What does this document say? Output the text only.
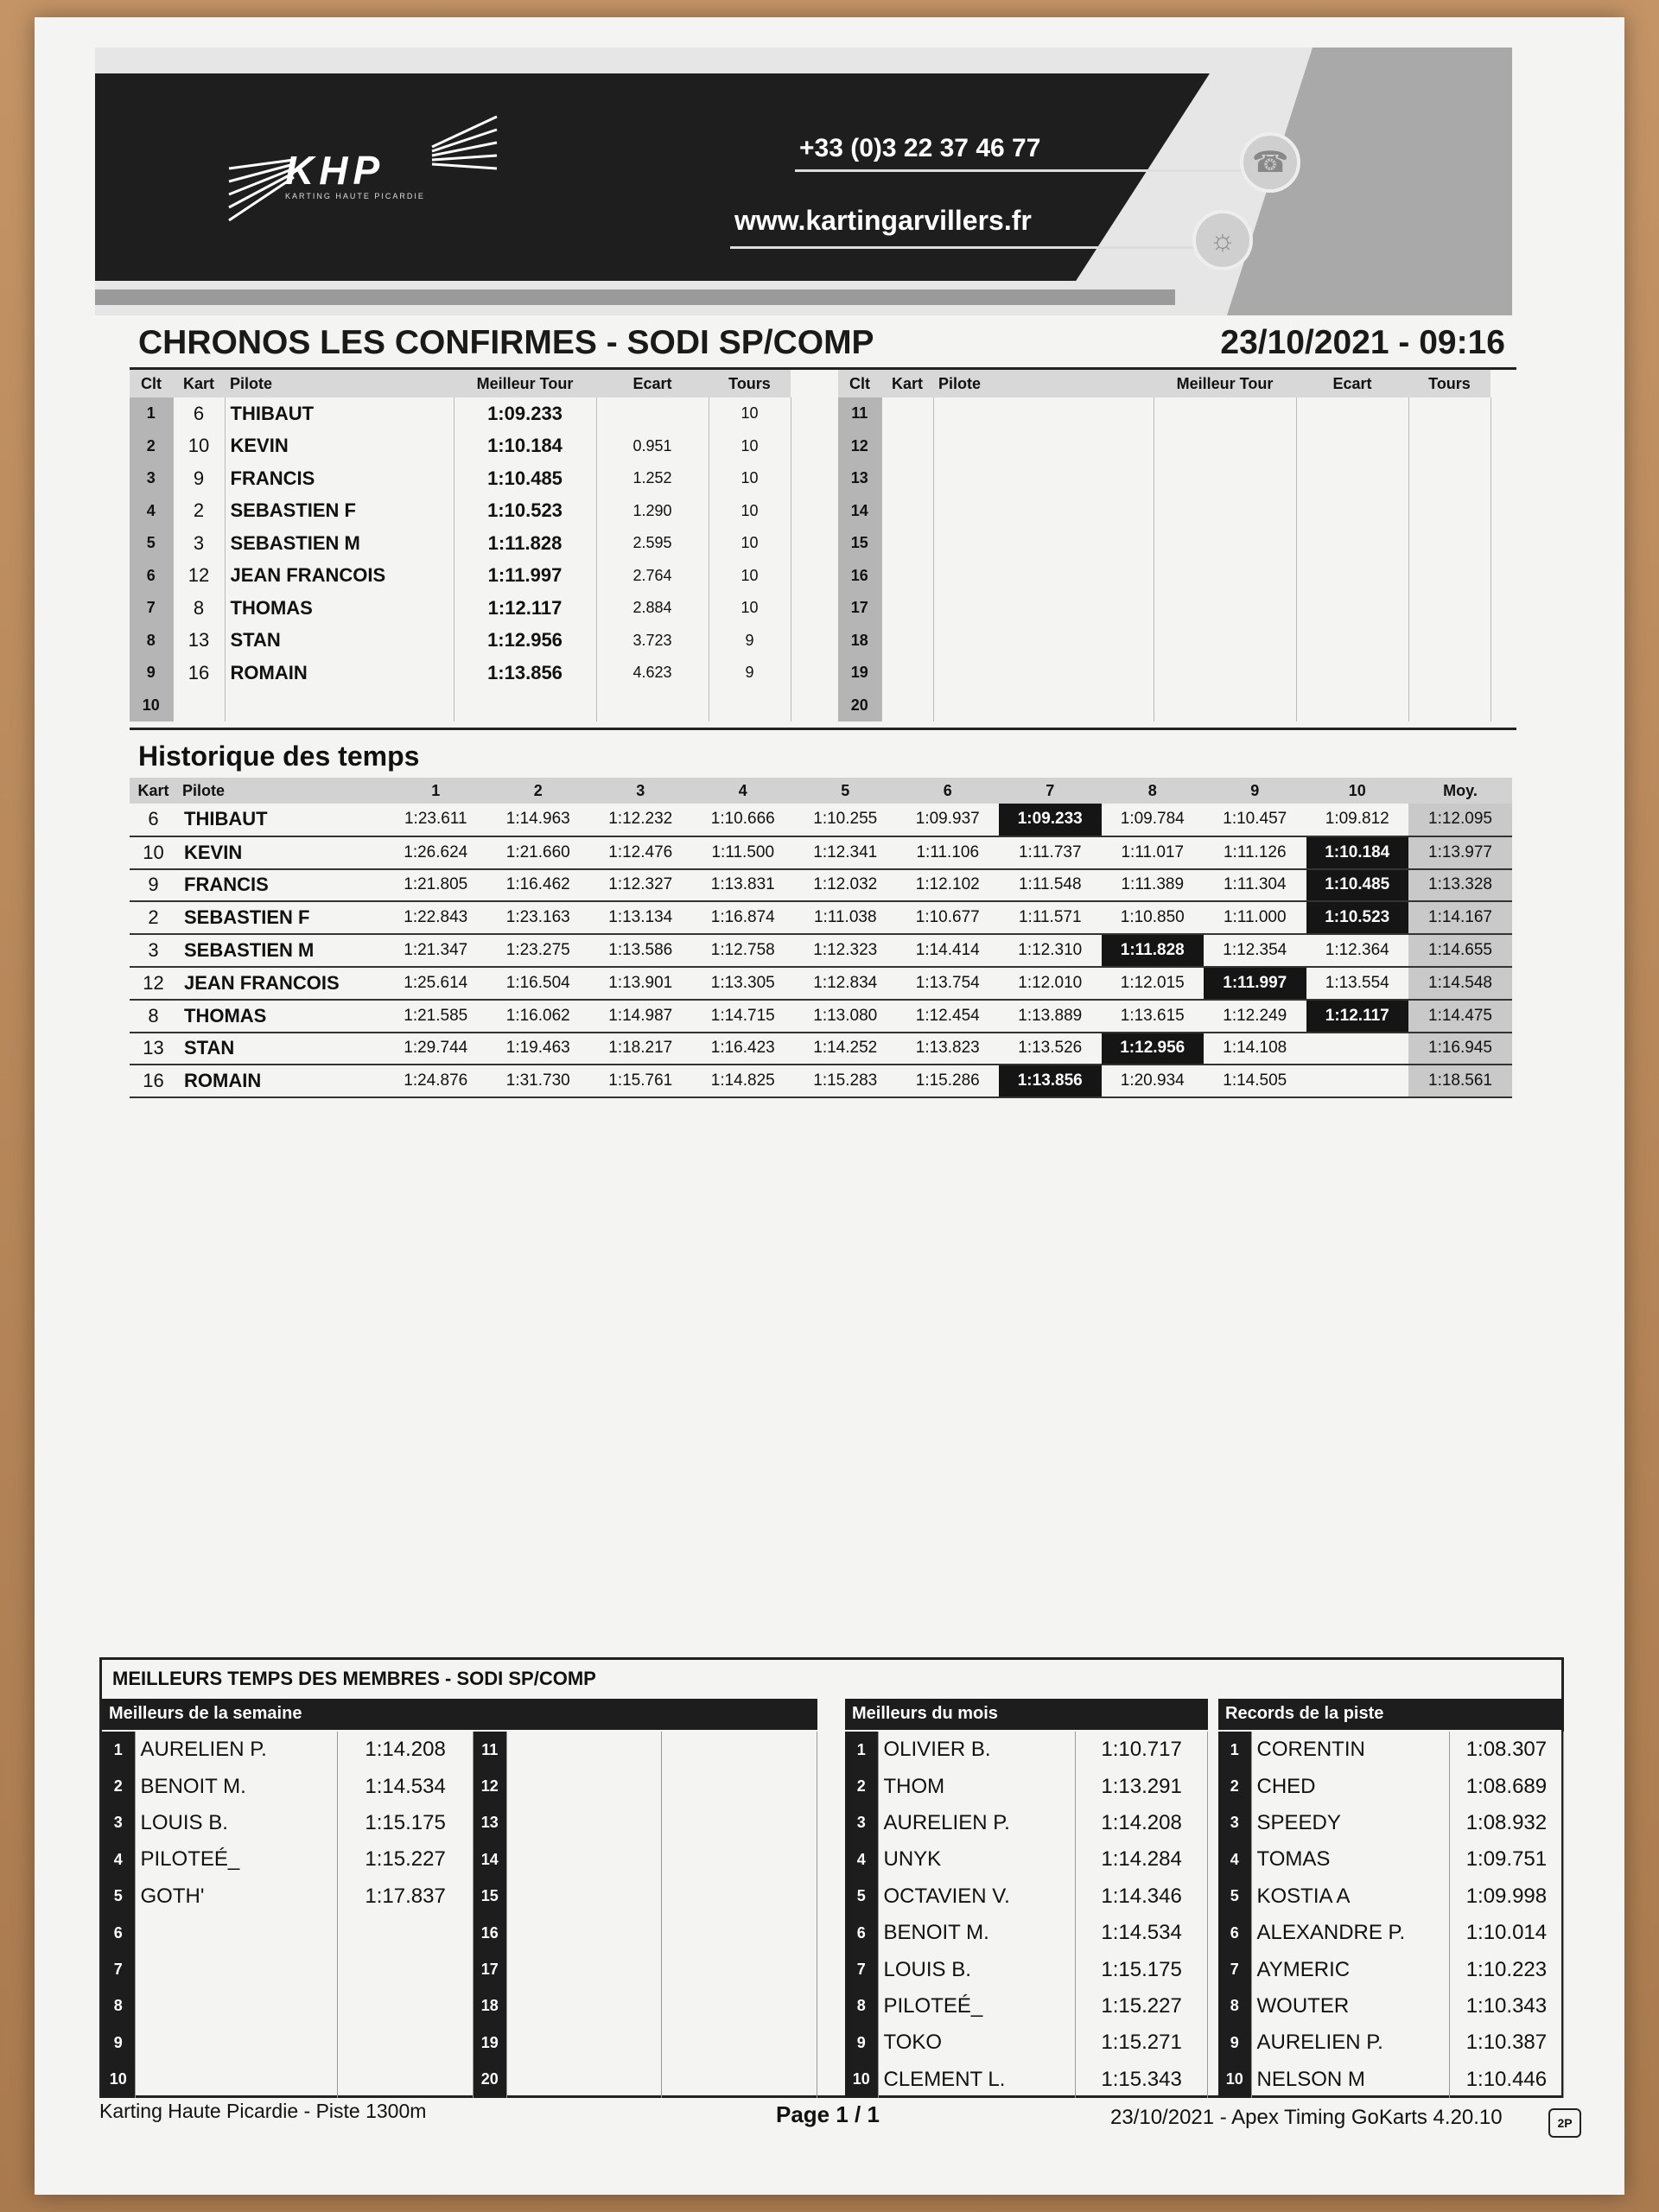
KHP
KARTING HAUTE PICARDIE
+33 (0)3 22 37 46 77	☎
www.kartingarvillers.fr
☼
CHRONOS LES CONFIRMES - SODI SP/COMP	23/10/2021 - 09:16
Clt	Kart	Pilote	Meilleur Tour	Ecart	Tours
1	6	THIBAUT	1:09.233		10
2	10	KEVIN	1:10.184	0.951	10
3	9	FRANCIS	1:10.485	1.252	10
4	2	SEBASTIEN F	1:10.523	1.290	10
5	3	SEBASTIEN M	1:11.828	2.595	10
6	12	JEAN FRANCOIS	1:11.997	2.764	10
7	8	THOMAS	1:12.117	2.884	10
8	13	STAN	1:12.956	3.723	9
9	16	ROMAIN	1:13.856	4.623	9
10					
Clt	Kart	Pilote	Meilleur Tour	Ecart	Tours
11					
12					
13					
14					
15					
16					
17					
18					
19					
20					
Historique des temps
Kart	Pilote	1	2	3	4	5	6	7	8	9	10	Moy.
6	THIBAUT	1:23.611	1:14.963	1:12.232	1:10.666	1:10.255	1:09.937	1:09.233	1:09.784	1:10.457	1:09.812	1:12.095
10	KEVIN	1:26.624	1:21.660	1:12.476	1:11.500	1:12.341	1:11.106	1:11.737	1:11.017	1:11.126	1:10.184	1:13.977
9	FRANCIS	1:21.805	1:16.462	1:12.327	1:13.831	1:12.032	1:12.102	1:11.548	1:11.389	1:11.304	1:10.485	1:13.328
2	SEBASTIEN F	1:22.843	1:23.163	1:13.134	1:16.874	1:11.038	1:10.677	1:11.571	1:10.850	1:11.000	1:10.523	1:14.167
3	SEBASTIEN M	1:21.347	1:23.275	1:13.586	1:12.758	1:12.323	1:14.414	1:12.310	1:11.828	1:12.354	1:12.364	1:14.655
12	JEAN FRANCOIS	1:25.614	1:16.504	1:13.901	1:13.305	1:12.834	1:13.754	1:12.010	1:12.015	1:11.997	1:13.554	1:14.548
8	THOMAS	1:21.585	1:16.062	1:14.987	1:14.715	1:13.080	1:12.454	1:13.889	1:13.615	1:12.249	1:12.117	1:14.475
13	STAN	1:29.744	1:19.463	1:18.217	1:16.423	1:14.252	1:13.823	1:13.526	1:12.956	1:14.108		1:16.945
16	ROMAIN	1:24.876	1:31.730	1:15.761	1:14.825	1:15.283	1:15.286	1:13.856	1:20.934	1:14.505		1:18.561
MEILLEURS TEMPS DES MEMBRES - SODI SP/COMP
Meilleurs de la semaine
1	AURELIEN P.	1:14.208
2	BENOIT M.	1:14.534
3	LOUIS B.	1:15.175
4	PILOTEÉ_	1:15.227
5	GOTH'	1:17.837
6		
7		
8		
9		
10		
11		
12		
13		
14		
15		
16		
17		
18		
19		
20		
Meilleurs du mois
1	OLIVIER B.	1:10.717
2	THOM	1:13.291
3	AURELIEN P.	1:14.208
4	UNYK	1:14.284
5	OCTAVIEN V.	1:14.346
6	BENOIT M.	1:14.534
7	LOUIS B.	1:15.175
8	PILOTEÉ_	1:15.227
9	TOKO	1:15.271
10	CLEMENT L.	1:15.343
Records de la piste
1	CORENTIN	1:08.307
2	CHED	1:08.689
3	SPEEDY	1:08.932
4	TOMAS	1:09.751
5	KOSTIA A	1:09.998
6	ALEXANDRE P.	1:10.014
7	AYMERIC	1:10.223
8	WOUTER	1:10.343
9	AURELIEN P.	1:10.387
10	NELSON M	1:10.446
Karting Haute Picardie - Piste 1300m	Page 1 / 1	23/10/2021 - Apex Timing GoKarts 4.20.10	2P
